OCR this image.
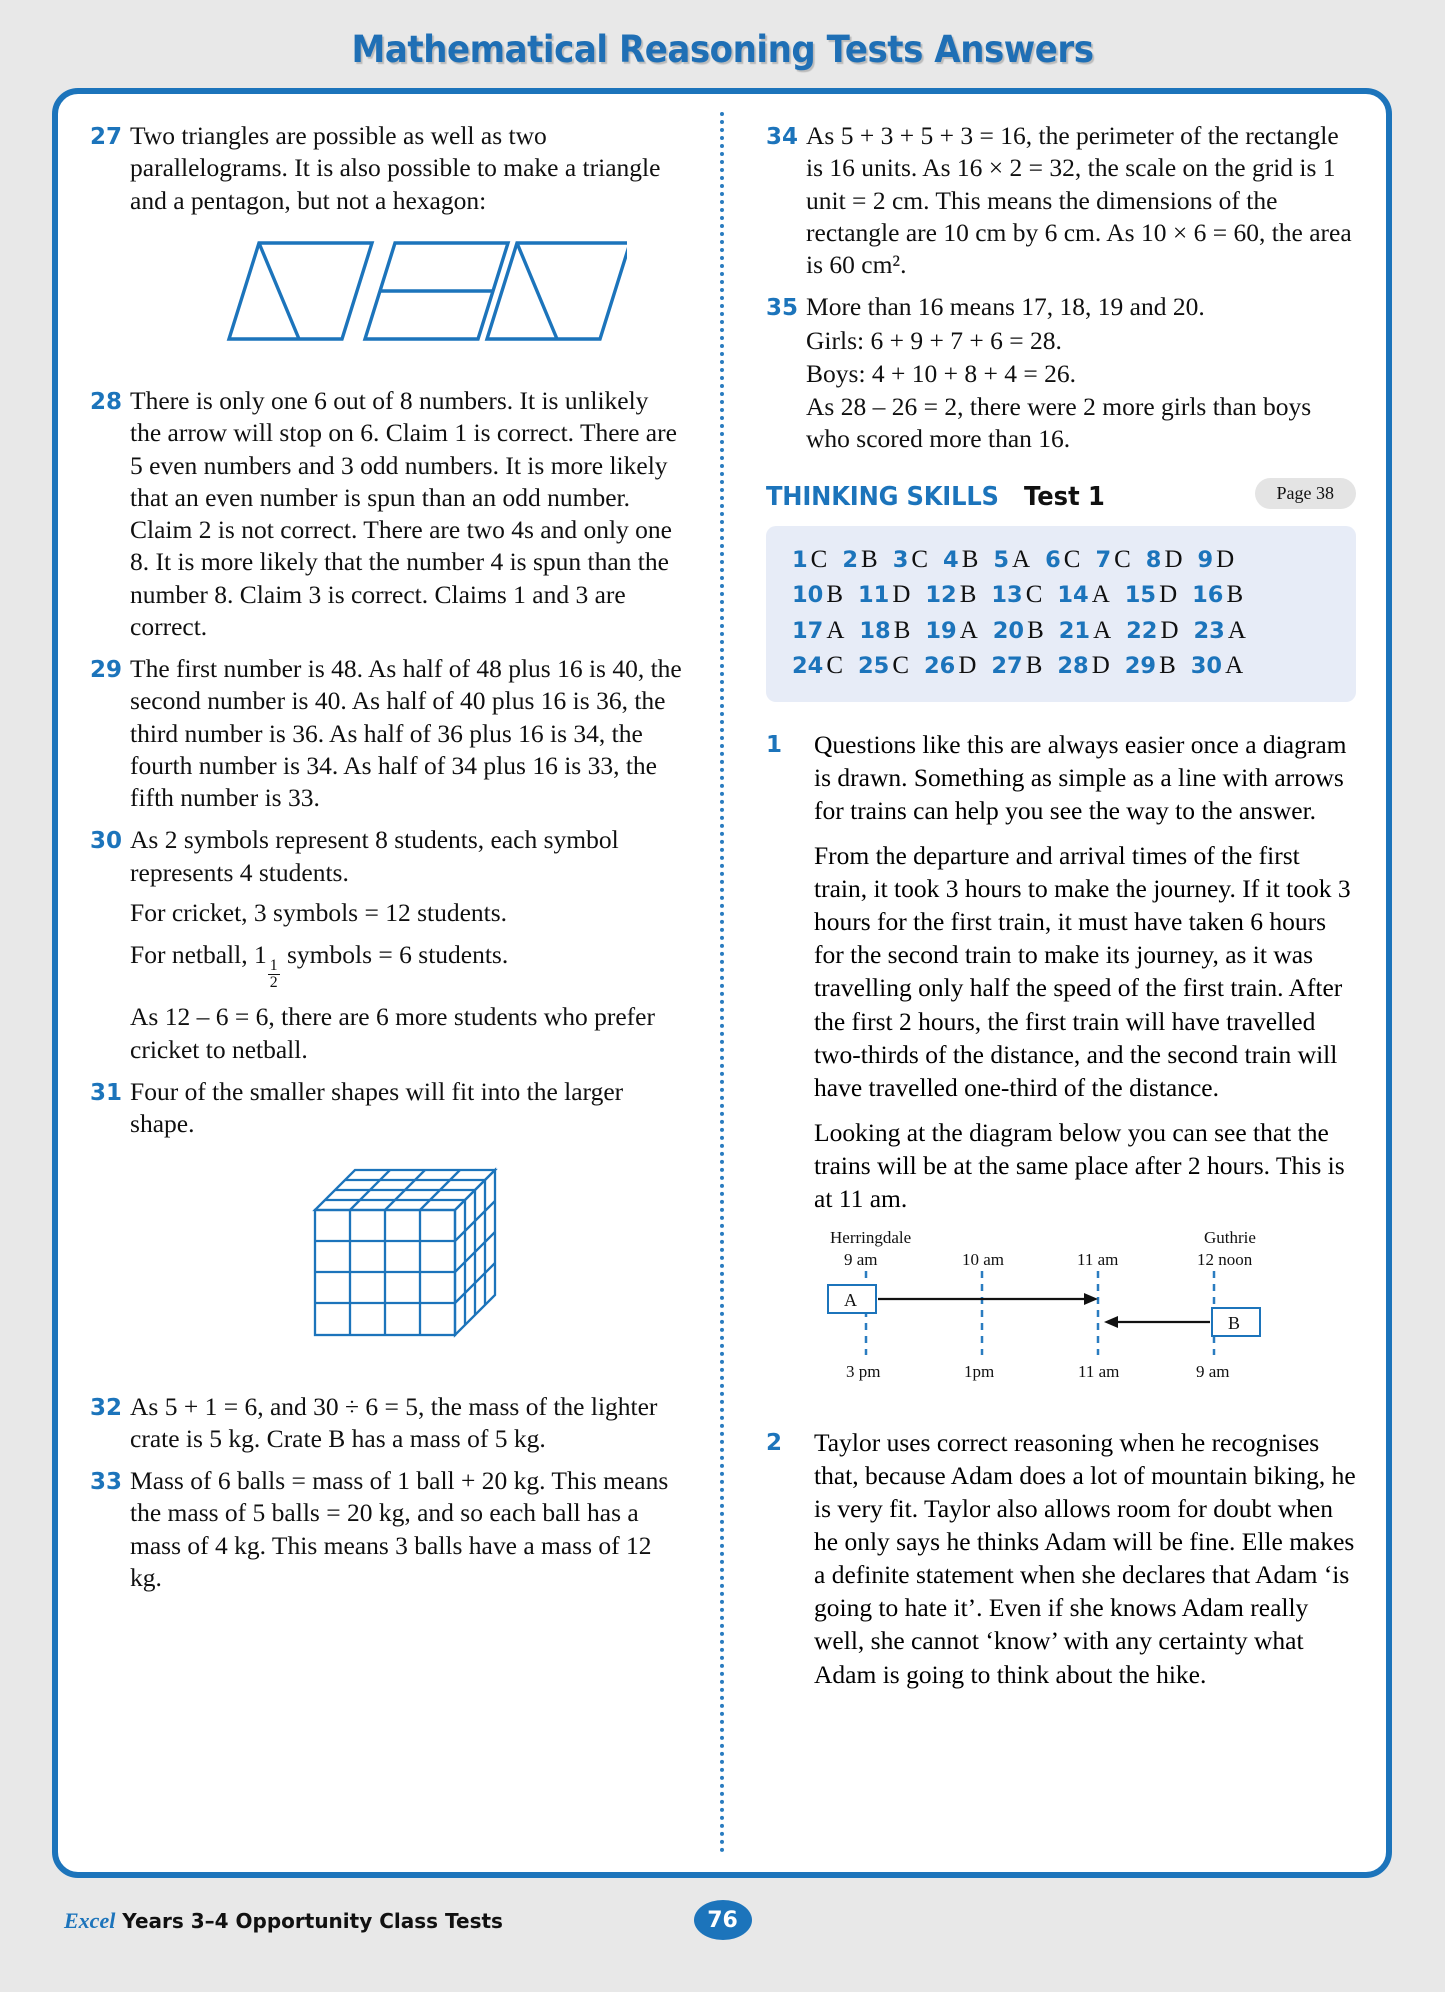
Mathematical Reasoning Tests Answers
27 Two triangles are possible as well as two parallelograms. It is also possible to make a triangle and a pentagon, but not a hexagon:

28 There is only one 6 out of 8 numbers. It is unlikely the arrow will stop on 6. Claim 1 is correct. There are 5 even numbers and 3 odd numbers. It is more likely that an even number is spun than an odd number. Claim 2 is not correct. There are two 4s and only one 8. It is more likely that the number 4 is spun than the number 8. Claim 3 is correct. Claims 1 and 3 are correct.

29 The first number is 48. As half of 48 plus 16 is 40, the second number is 40. As half of 40 plus 16 is 36, the third number is 36. As half of 36 plus 16 is 34, the fourth number is 34. As half of 34 plus 16 is 33, the fifth number is 33.

30 As 2 symbols represent 8 students, each symbol represents 4 students.

For cricket, 3 symbols = 12 students.

For netball, 1
$\frac{1}{2}$
symbols = 6 students.

As 12 – 6 = 6, there are 6 more students who prefer cricket to netball.

31 Four of the smaller shapes will fit into the larger shape.

32 As 5 + 1 = 6, and 30 ÷ 6 = 5, the mass of the lighter crate is 5 kg. Crate B has a mass of 5 kg.

33 Mass of 6 balls = mass of 1 ball + 20 kg. This means the mass of 5 balls = 20 kg, and so each ball has a mass of 4 kg. This means 3 balls have a mass of 12 kg.

34 As 5 + 3 + 5 + 3 = 16, the perimeter of the rectangle is 16 units. As 16 × 2 = 32, the scale on the grid is 1 unit = 2 cm. This means the dimensions of the rectangle are 10 cm by 6 cm. As 10 × 6 = 60, the area is 60 cm².

35 More than 16 means 17, 18, 19 and 20.

Girls: 6 + 9 + 7 + 6 = 28.

Boys: 4 + 10 + 8 + 4 = 26.

As 28 – 26 = 2, there were 2 more girls than boys who scored more than 16.

THINKING SKILLS Test 1	Page 38
1 C 2 B 3 C 4 B 5 A 6 C 7 C 8 D 9 D
10 B 11 D 12 B 13 C 14 A 15 D 16 B
17 A 18 B 19 A 20 B 21 A 22 D 23 A
24 C 25 C 26 D 27 B 28 D 29 B 30 A
1	Questions like this are always easier once a diagram is drawn. Something as simple as a line with arrows for trains can help you see the way to the answer.

From the departure and arrival times of the first train, it took 3 hours to make the journey. If it took 3 hours for the first train, it must have taken 6 hours for the second train to make its journey, as it was travelling only half the speed of the first train. After the first 2 hours, the first train will have travelled two-thirds of the distance, and the second train will have travelled one-third of the distance.

Looking at the diagram below you can see that the trains will be at the same place after 2 hours. This is at 11 am.

Herringdale	Guthrie
9 am	10 am	11 am	12 noon
A
B
3 pm	1pm	11 am	9 am
2	Taylor uses correct reasoning when he recognises that, because Adam does a lot of mountain biking, he is very fit. Taylor also allows room for doubt when he only says he thinks Adam will be fine. Elle makes a definite statement when she declares that Adam ‘is going to hate it’. Even if she knows Adam really well, she cannot ‘know’ with any certainty what Adam is going to think about the hike.

Excel Years 3–4 Opportunity Class Tests	76
